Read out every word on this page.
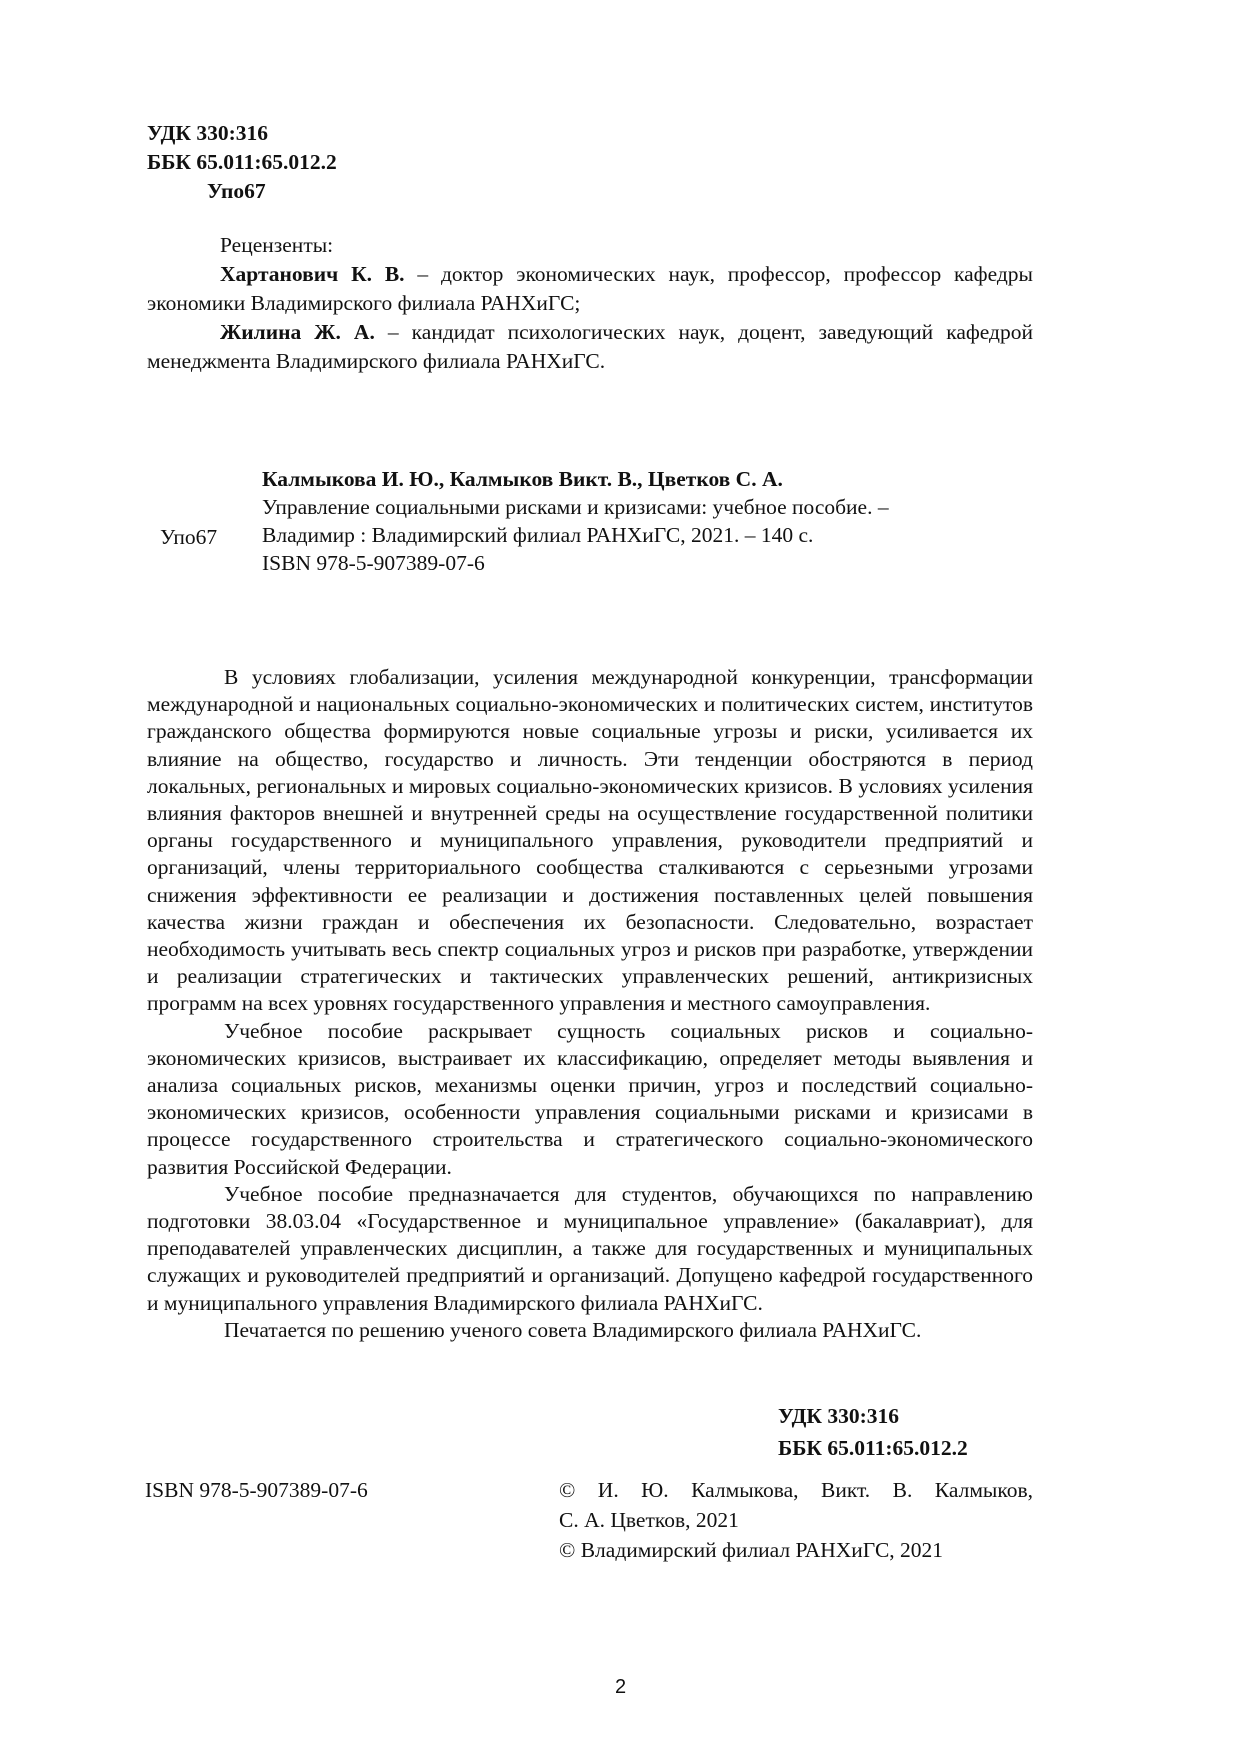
УДК 330:316
ББК 65.011:65.012.2
Упо67

Рецензенты:

Хартанович К. В. – доктор экономических наук, профессор, профессор кафедры экономики Владимирского филиала РАНХиГС;

Жилина Ж. А. – кандидат психологических наук, доцент, заведующий кафедрой менеджмента Владимирского филиала РАНХиГС.

Упо67
Калмыкова И. Ю., Калмыков Викт. В., Цветков С. А.
Управление социальными рисками и кризисами: учебное пособие. –
Владимир : Владимирский филиал РАНХиГС, 2021. – 140 с.
ISBN 978-5-907389-07-6

В условиях глобализации, усиления международной конкуренции, трансформации международной и национальных социально-экономических и политических систем, институтов гражданского общества формируются новые социальные угрозы и риски, усиливается их влияние на общество, государство и личность. Эти тенденции обостряются в период локальных, региональных и мировых социально-экономических кризисов. В условиях усиления влияния факторов внешней и внутренней среды на осуществление государственной политики органы государственного и муниципального управления, руководители предприятий и организаций, члены территориального сообщества сталкиваются с серьезными угрозами снижения эффективности ее реализации и достижения поставленных целей повышения качества жизни граждан и обеспечения их безопасности. Следовательно, возрастает необходимость учитывать весь спектр социальных угроз и рисков при разработке, утверждении и реализации стратегических и тактических управленческих решений, антикризисных программ на всех уровнях государственного управления и местного самоуправления.

Учебное пособие раскрывает сущность социальных рисков и социально-экономических кризисов, выстраивает их классификацию, определяет методы выявления и анализа социальных рисков, механизмы оценки причин, угроз и последствий социально-экономических кризисов, особенности управления социальными рисками и кризисами в процессе государственного строительства и стратегического социально-экономического развития Российской Федерации.

Учебное пособие предназначается для студентов, обучающихся по направлению подготовки 38.03.04 «Государственное и муниципальное управление» (бакалавриат), для преподавателей управленческих дисциплин, а также для государственных и муниципальных служащих и руководителей предприятий и организаций. Допущено кафедрой государственного и муниципального управления Владимирского филиала РАНХиГС.

Печатается по решению ученого совета Владимирского филиала РАНХиГС.

УДК 330:316
ББК 65.011:65.012.2
ISBN 978-5-907389-07-6	© И. Ю. Калмыкова, Викт. В. Калмыков,

С. А. Цветков, 2021

© Владимирский филиал РАНХиГС, 2021

2
